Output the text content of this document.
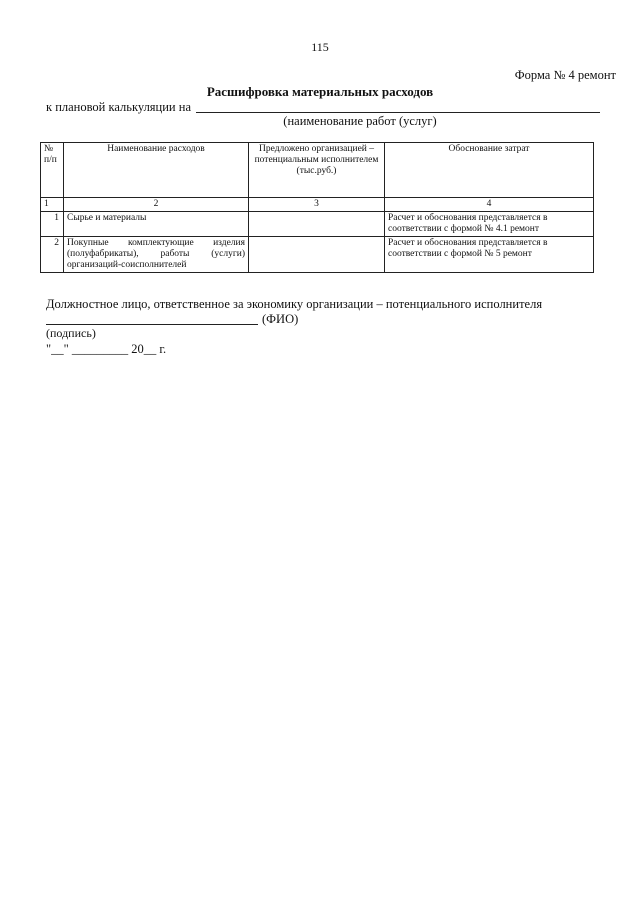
115
Форма № 4 ремонт
Расшифровка материальных расходов
к плановой калькуляции на
(наименование работ (услуг)
№ п/п	Наименование расходов	Предложено организацией – потенциальным исполнителем (тыс.руб.)	Обоснование затрат
1	2	3	4
1	Сырье и материалы		Расчет и обоснования представляется в соответствии с формой № 4.1 ремонт
2	Покупные комплектующие изделия (полуфабрикаты), работы (услуги) организаций-соисполнителей		Расчет и обоснования представляется в соответствии с формой № 5 ремонт
Должностное лицо, ответственное за экономику организации – потенциального исполнителя
(ФИО)
(подпись)
"__" _________ 20__ г.
